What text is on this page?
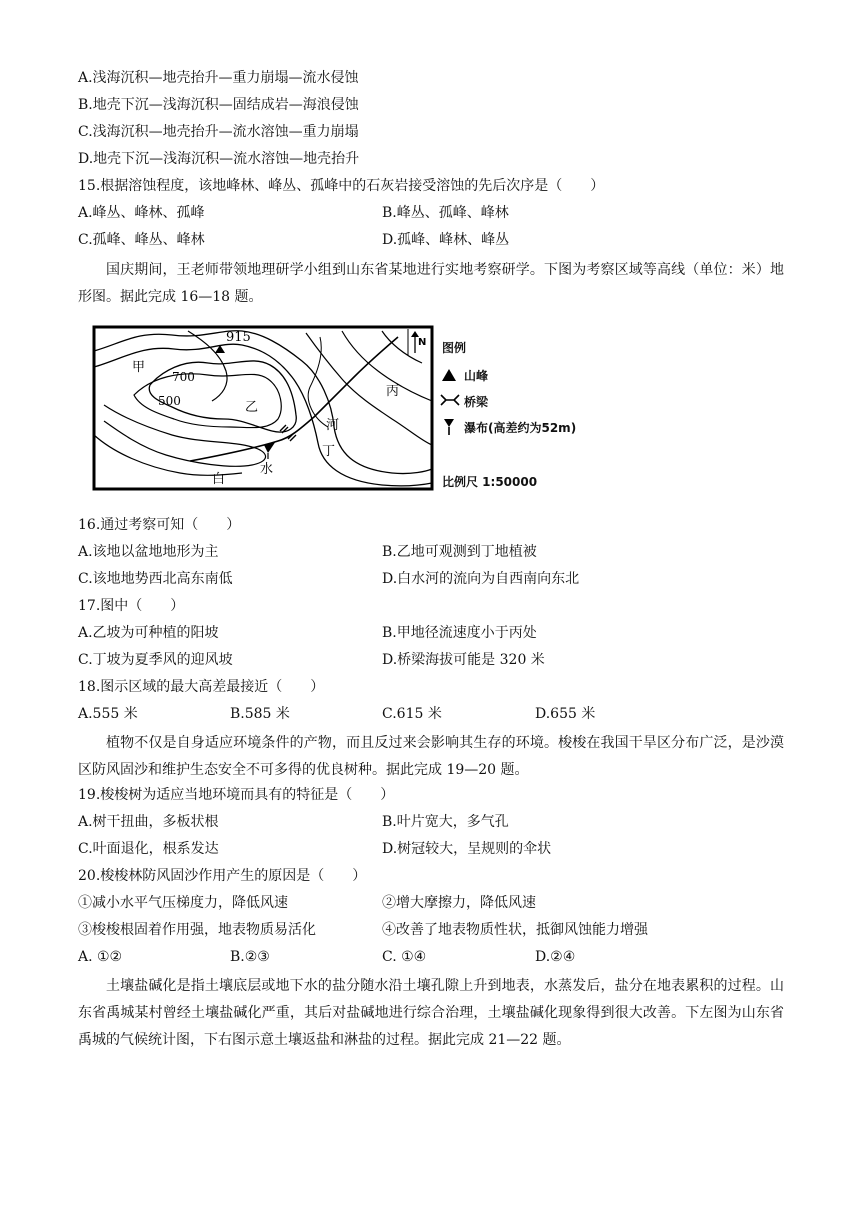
A.浅海沉积—地壳抬升—重力崩塌—流水侵蚀
B.地壳下沉—浅海沉积—固结成岩—海浪侵蚀
C.浅海沉积—地壳抬升—流水溶蚀—重力崩塌
D.地壳下沉—浅海沉积—流水溶蚀—地壳抬升
15.根据溶蚀程度，该地峰林、峰丛、孤峰中的石灰岩接受溶蚀的先后次序是（　　）
A.峰丛、峰林、孤峰	B.峰丛、孤峰、峰林
C.孤峰、峰丛、峰林	D.孤峰、峰林、峰丛
国庆期间，王老师带领地理研学小组到山东省某地进行实地考察研学。下图为考察区域等高线（单位：米）地形图。据此完成 16—18 题。
915
700
500
甲
乙
丙
丁
河
白
水
N 图例
山峰
桥梁
瀑布(高差约为52m)
比例尺 1:50000
16.通过考察可知（　　）
A.该地以盆地地形为主	B.乙地可观测到丁地植被
C.该地地势西北高东南低	D.白水河的流向为自西南向东北
17.图中（　　）
A.乙坡为可种植的阳坡	B.甲地径流速度小于丙处
C.丁坡为夏季风的迎风坡	D.桥梁海拔可能是 320 米
18.图示区域的最大高差最接近（　　）
A.555 米	B.585 米	C.615 米	D.655 米
植物不仅是自身适应环境条件的产物，而且反过来会影响其生存的环境。梭梭在我国干旱区分布广泛，是沙漠区防风固沙和维护生态安全不可多得的优良树种。据此完成 19—20 题。
19.梭梭树为适应当地环境而具有的特征是（　　）
A.树干扭曲，多板状根	B.叶片宽大，多气孔
C.叶面退化，根系发达	D.树冠较大，呈规则的伞状
20.梭梭林防风固沙作用产生的原因是（　　）
①减小水平气压梯度力，降低风速	②增大摩擦力，降低风速
③梭梭根固着作用强，地表物质易活化	④改善了地表物质性状，抵御风蚀能力增强
A. ①②	B.②③	C. ①④	D.②④
土壤盐碱化是指土壤底层或地下水的盐分随水沿土壤孔隙上升到地表，水蒸发后，盐分在地表累积的过程。山东省禹城某村曾经土壤盐碱化严重，其后对盐碱地进行综合治理，土壤盐碱化现象得到很大改善。下左图为山东省禹城的气候统计图，下右图示意土壤返盐和淋盐的过程。据此完成 21—22 题。
